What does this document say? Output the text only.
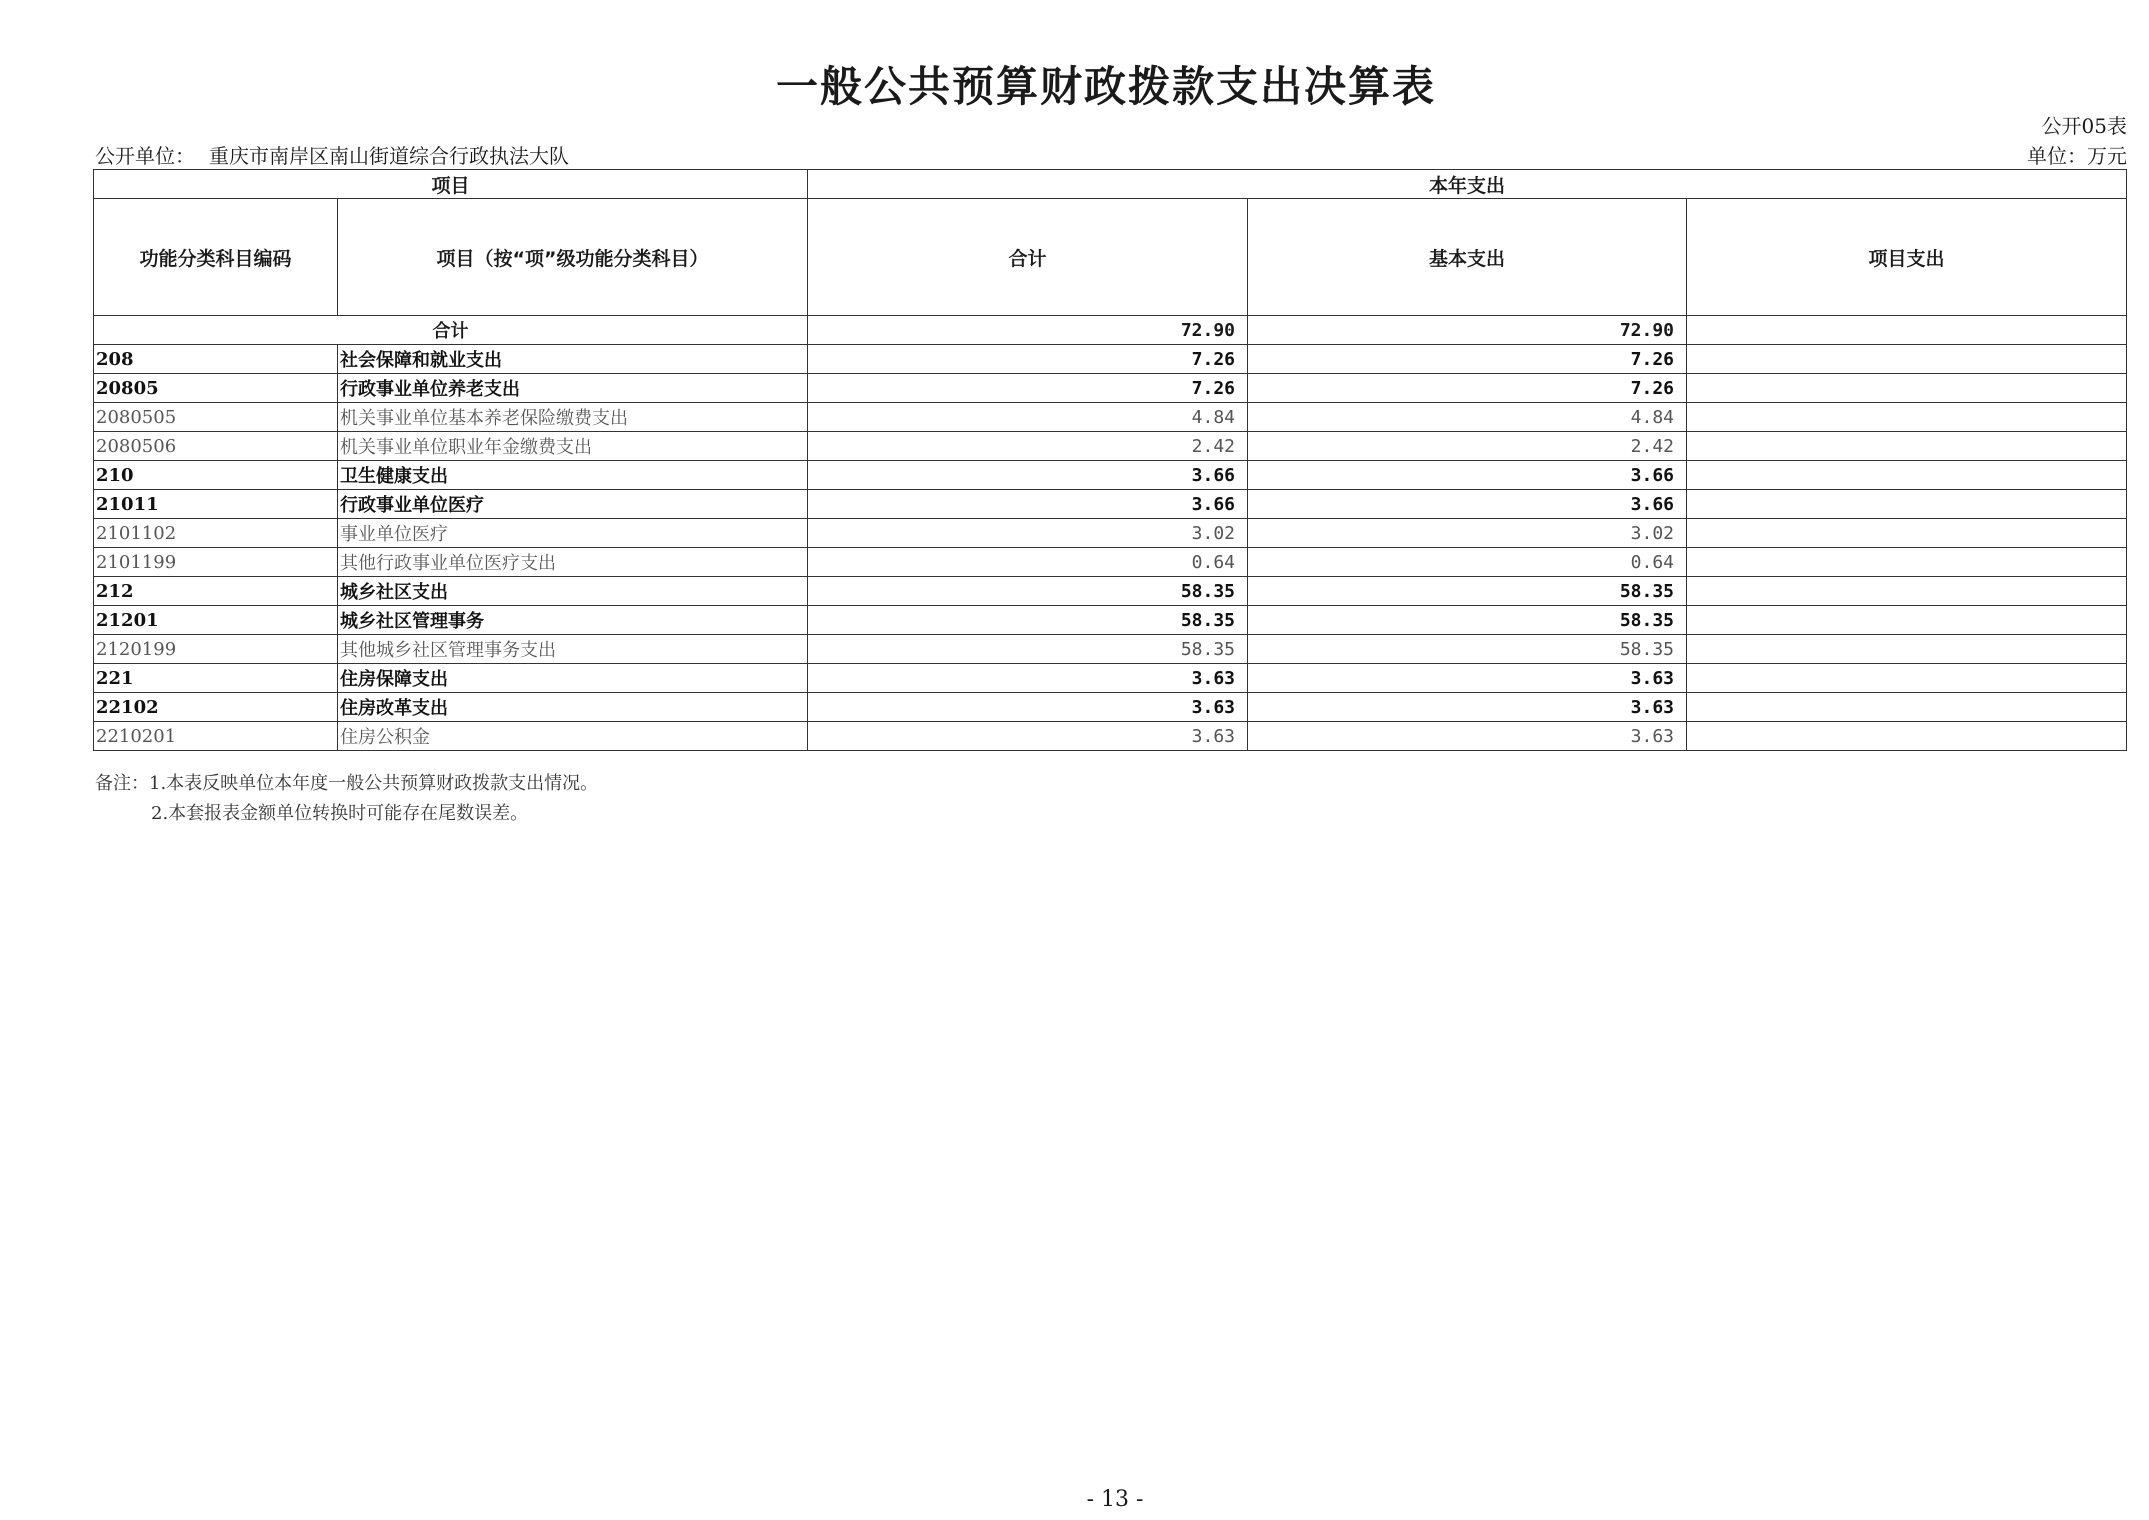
一般公共预算财政拨款支出决算表
公开05表
公开单位： 重庆市南岸区南山街道综合行政执法大队	单位：万元
项目		本年支出		
功能分类科目编码	项目（按“项”级功能分类科目）	合计	基本支出	项目支出
合计		72.90	72.90	
208	社会保障和就业支出	7.26	7.26	
20805	行政事业单位养老支出	7.26	7.26	
2080505	机关事业单位基本养老保险缴费支出	4.84	4.84	
2080506	机关事业单位职业年金缴费支出	2.42	2.42	
210	卫生健康支出	3.66	3.66	
21011	行政事业单位医疗	3.66	3.66	
2101102	事业单位医疗	3.02	3.02	
2101199	其他行政事业单位医疗支出	0.64	0.64	
212	城乡社区支出	58.35	58.35	
21201	城乡社区管理事务	58.35	58.35	
2120199	其他城乡社区管理事务支出	58.35	58.35	
221	住房保障支出	3.63	3.63	
22102	住房改革支出	3.63	3.63	
2210201	住房公积金	3.63	3.63	
备注：1.本表反映单位本年度一般公共预算财政拨款支出情况。
2.本套报表金额单位转换时可能存在尾数误差。
- 13 -
